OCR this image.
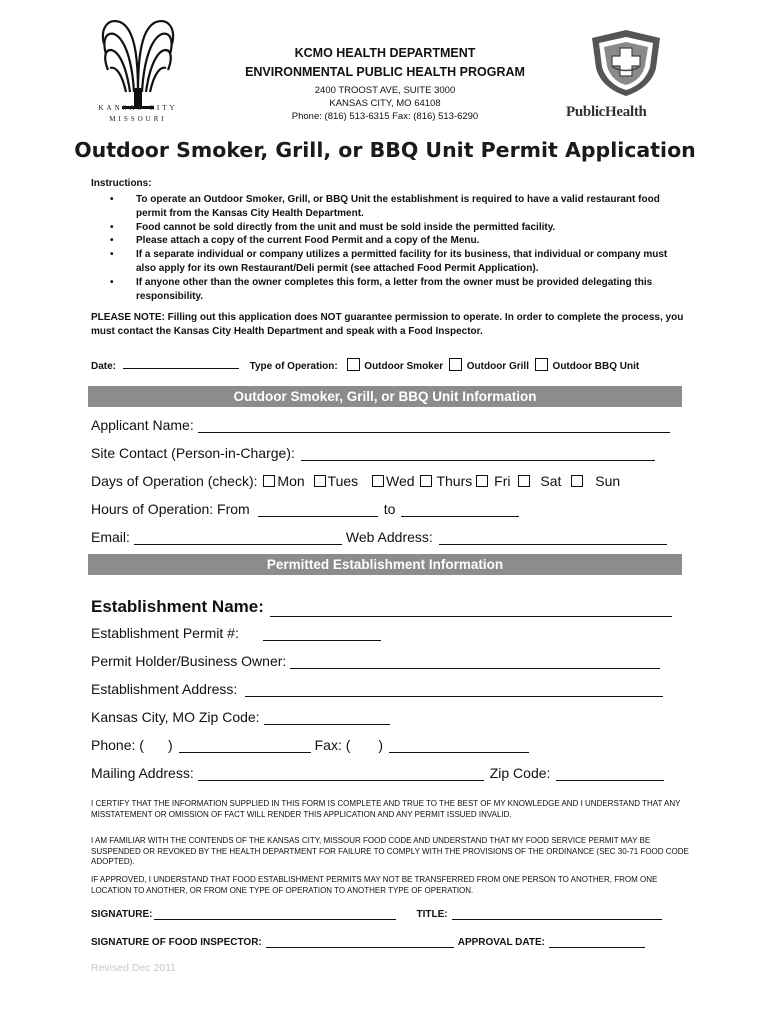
KANSAS CITY
MISSOURI	PublicHealth
KCMO HEALTH DEPARTMENT
ENVIRONMENTAL PUBLIC HEALTH PROGRAM
2400 TROOST AVE, SUITE 3000
KANSAS CITY, MO 64108
Phone: (816) 513-6315 Fax: (816) 513-6290
Outdoor Smoker, Grill, or BBQ Unit Permit Application
Instructions:
• To operate an Outdoor Smoker, Grill, or BBQ Unit the establishment is required to have a valid restaurant food permit from the Kansas City Health Department.
• Food cannot be sold directly from the unit and must be sold inside the permitted facility.
• Please attach a copy of the current Food Permit and a copy of the Menu.
• If a separate individual or company utilizes a permitted facility for its business, that individual or company must also apply for its own Restaurant/Deli permit (see attached Food Permit Application).
• If anyone other than the owner completes this form, a letter from the owner must be provided delegating this responsibility.
PLEASE NOTE: Filling out this application does NOT guarantee permission to operate. In order to complete the process, you must contact the Kansas City Health Department and speak with a Food Inspector.
Date:	Type of Operation:	Outdoor Smoker Outdoor Grill Outdoor BBQ Unit
Outdoor Smoker, Grill, or BBQ Unit Information
Applicant Name:
Site Contact (Person-in-Charge):
Days of Operation (check): Mon Tues Wed Thurs Fri Sat Sun
Hours of Operation: From	to
Email:	Web Address:
Permitted Establishment Information
Establishment Name:
Establishment Permit #:
Permit Holder/Business Owner:
Establishment Address:
Kansas City, MO Zip Code:
Phone: ( )	Fax: ( )
Mailing Address:	Zip Code:
I CERTIFY THAT THE INFORMATION SUPPLIED IN THIS FORM IS COMPLETE AND TRUE TO THE BEST OF MY KNOWLEDGE AND I UNDERSTAND THAT ANY MISSTATEMENT OR OMISSION OF FACT WILL RENDER THIS APPLICATION AND ANY PERMIT ISSUED INVALID.
I AM FAMILIAR WITH THE CONTENDS OF THE KANSAS CITY, MISSOUR FOOD CODE AND UNDERSTAND THAT MY FOOD SERVICE PERMIT MAY BE SUSPENDED OR REVOKED BY THE HEALTH DEPARTMENT FOR FAILURE TO COMPLY WITH THE PROVISIONS OF THE ORDINANCE (SEC 30-71 FOOD CODE ADOPTED).
IF APPROVED, I UNDERSTAND THAT FOOD ESTABLISHMENT PERMITS MAY NOT BE TRANSFERRED FROM ONE PERSON TO ANOTHER, FROM ONE LOCATION TO ANOTHER, OR FROM ONE TYPE OF OPERATION TO ANOTHER TYPE OF OPERATION.
SIGNATURE:	TITLE:
SIGNATURE OF FOOD INSPECTOR:	APPROVAL DATE:
Revised Dec 2011
